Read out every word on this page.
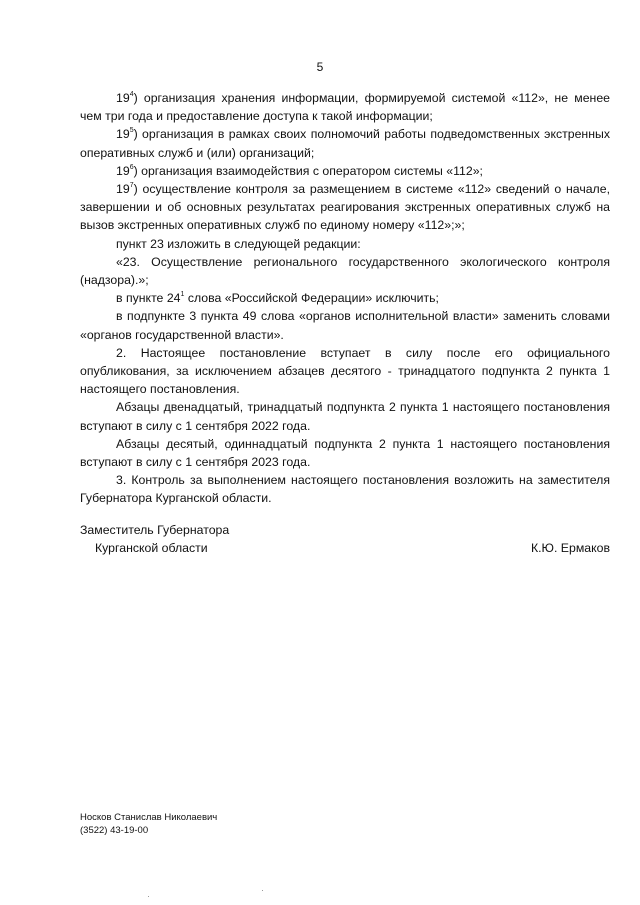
5

$19^4$) организация хранения информации, формируемой системой «112», не менее чем три года и предоставление доступа к такой информации;

$19^5$) организация в рамках своих полномочий работы подведомственных экстренных оперативных служб и (или) организаций;

$19^6$) организация взаимодействия с оператором системы «112»;

$19^7$) осуществление контроля за размещением в системе «112» сведений о начале, завершении и об основных результатах реагирования экстренных оперативных служб на вызов экстренных оперативных служб по единому номеру «112»;»;

пункт 23 изложить в следующей редакции:

«23. Осуществление регионального государственного экологического контроля (надзора).»;

в пункте $24^1$ слова «Российской Федерации» исключить;

в подпункте 3 пункта 49 слова «органов исполнительной власти» заменить словами «органов государственной власти».

2. Настоящее постановление вступает в силу после его официального опубликования, за исключением абзацев десятого - тринадцатого подпункта 2 пункта 1 настоящего постановления.

Абзацы двенадцатый, тринадцатый подпункта 2 пункта 1 настоящего постановления вступают в силу с 1 сентября 2022 года.

Абзацы десятый, одиннадцатый подпункта 2 пункта 1 настоящего постановления вступают в силу с 1 сентября 2023 года.

3. Контроль за выполнением настоящего постановления возложить на заместителя Губернатора Курганской области.

Заместитель Губернатора
Курганской области	К.Ю. Ермаков
Носков Станислав Николаевич
(3522) 43-19-00
